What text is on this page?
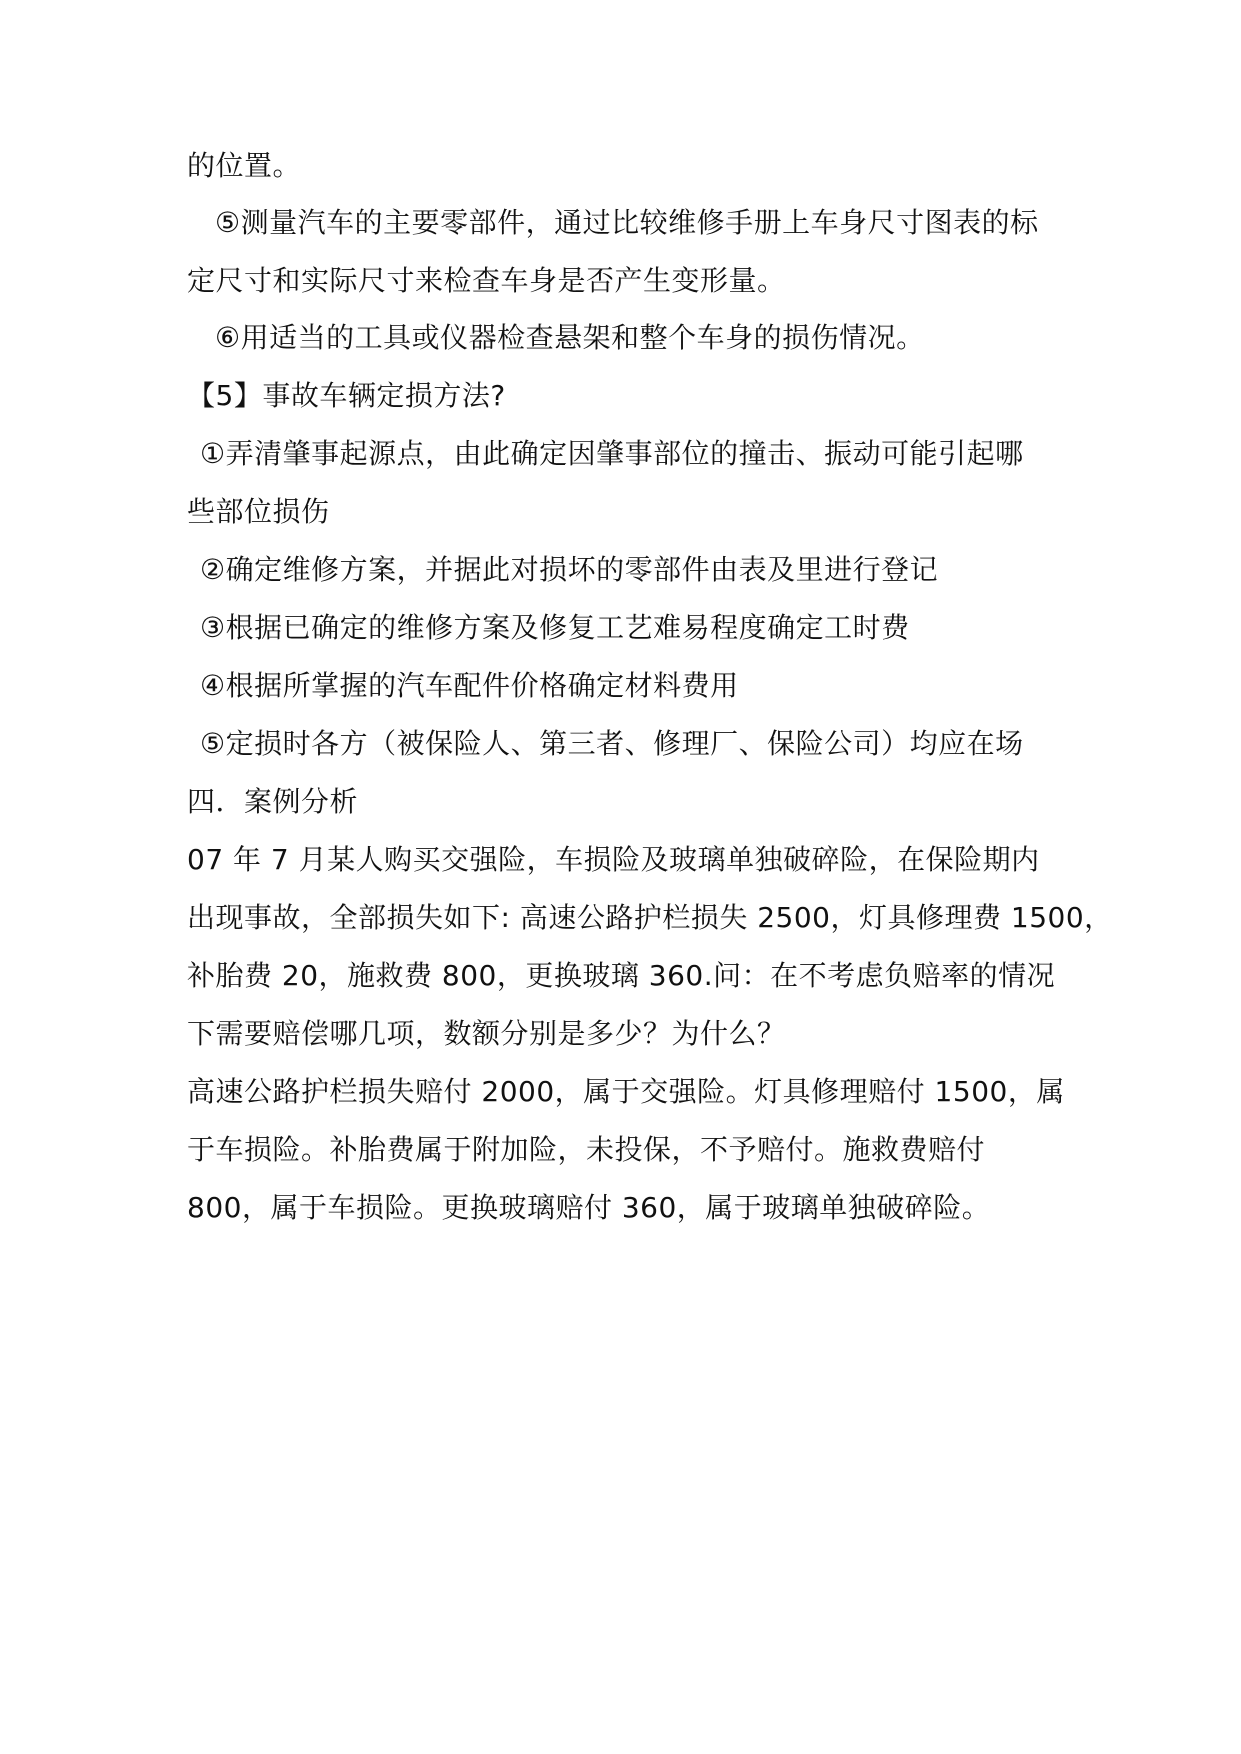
的位置。

⑤测量汽车的主要零部件，通过比较维修手册上车身尺寸图表的标

定尺寸和实际尺寸来检查车身是否产生变形量。

⑥用适当的工具或仪器检查悬架和整个车身的损伤情况。

【5】事故车辆定损方法?

①弄清肇事起源点，由此确定因肇事部位的撞击、振动可能引起哪

些部位损伤

②确定维修方案，并据此对损坏的零部件由表及里进行登记

③根据已确定的维修方案及修复工艺难易程度确定工时费

④根据所掌握的汽车配件价格确定材料费用

⑤定损时各方（被保险人、第三者、修理厂、保险公司）均应在场

四．案例分析

07 年 7 月某人购买交强险，车损险及玻璃单独破碎险，在保险期内

出现事故，全部损失如下: 高速公路护栏损失 2500，灯具修理费 1500，

补胎费 20，施救费 800，更换玻璃 360.问：在不考虑负赔率的情况

下需要赔偿哪几项，数额分别是多少？为什么？

高速公路护栏损失赔付 2000，属于交强险。灯具修理赔付 1500，属

于车损险。补胎费属于附加险，未投保，不予赔付。施救费赔付

800，属于车损险。更换玻璃赔付 360，属于玻璃单独破碎险。
